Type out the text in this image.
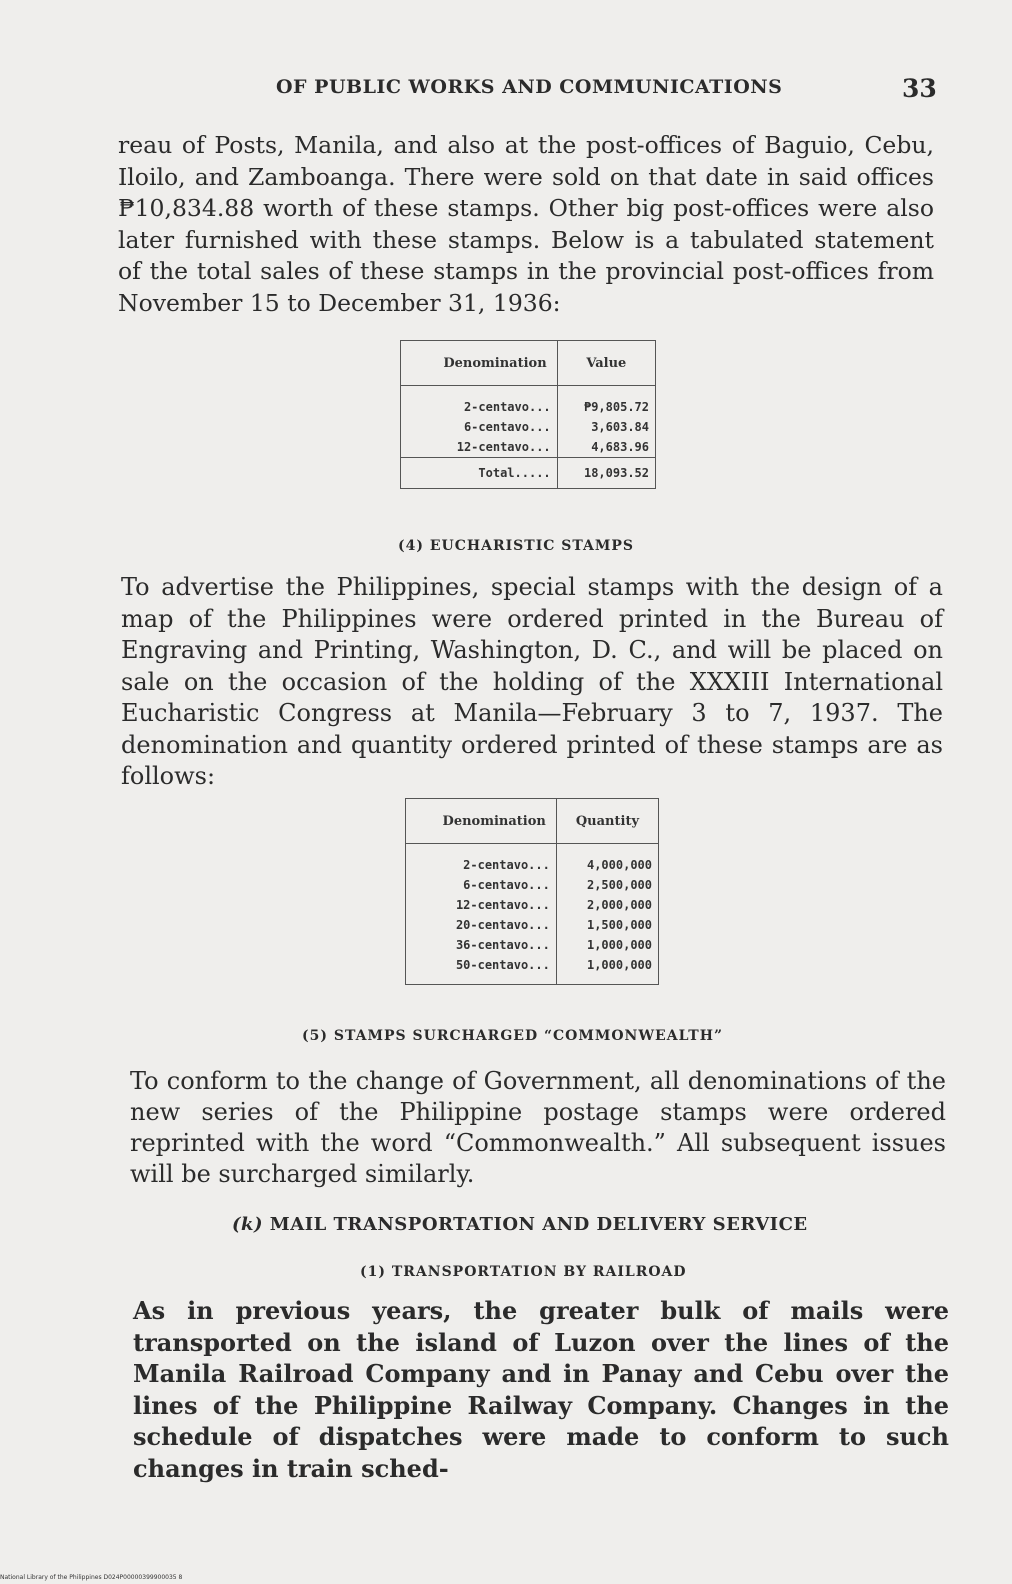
OF PUBLIC WORKS AND COMMUNICATIONS	33

reau of Posts, Manila, and also at the post-offices of Baguio, Cebu, Iloilo, and Zamboanga. There were sold on that date in said offices ₱10,834.88 worth of these stamps. Other big post-offices were also later furnished with these stamps. Below is a tabulated statement of the total sales of these stamps in the provincial post-offices from November 15 to December 31, 1936:

Denomination	Value
2-centavo...	₱9,805.72
6-centavo...	3,603.84
12-centavo...	4,683.96
Total.....	18,093.52
(4) EUCHARISTIC STAMPS

To advertise the Philippines, special stamps with the design of a map of the Philippines were ordered printed in the Bureau of Engraving and Printing, Washington, D. C., and will be placed on sale on the occasion of the holding of the XXXIII International Eucharistic Congress at Manila—February 3 to 7, 1937. The denomination and quantity ordered printed of these stamps are as follows:

Denomination	Quantity
2-centavo...	4,000,000
6-centavo...	2,500,000
12-centavo...	2,000,000
20-centavo...	1,500,000
36-centavo...	1,000,000
50-centavo...	1,000,000
(5) STAMPS SURCHARGED “COMMONWEALTH”

To conform to the change of Government, all denominations of the new series of the Philippine postage stamps were ordered reprinted with the word “Commonwealth.” All subsequent issues will be surcharged similarly.

(k) MAIL TRANSPORTATION AND DELIVERY SERVICE
(1) TRANSPORTATION BY RAILROAD

As in previous years, the greater bulk of mails were transported on the island of Luzon over the lines of the Manila Railroad Company and in Panay and Cebu over the lines of the Philippine Railway Company. Changes in the schedule of dispatches were made to conform to such changes in train sched-

National Library of the Philippines D024P00000399900035 8
